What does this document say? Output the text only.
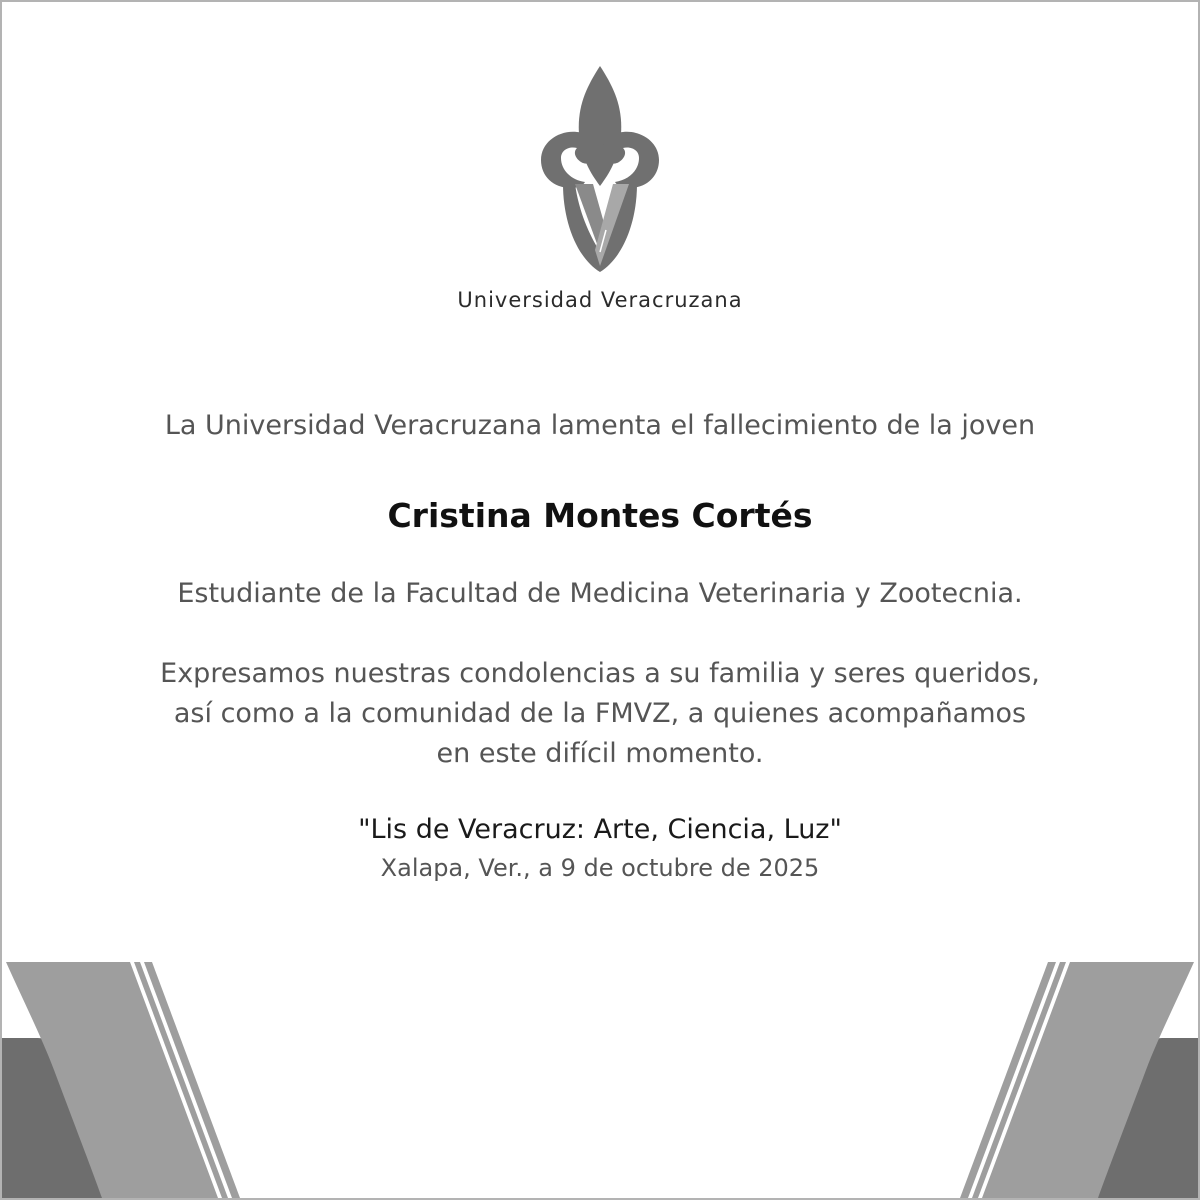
Universidad Veracruzana

La Universidad Veracruzana lamenta el fallecimiento de la joven

Cristina Montes Cortés

Estudiante de la Facultad de Medicina Veterinaria y Zootecnia.

Expresamos nuestras condolencias a su familia y seres queridos,
así como a la comunidad de la FMVZ, a quienes acompañamos
en este difícil momento.

"Lis de Veracruz: Arte, Ciencia, Luz"

Xalapa, Ver., a 9 de octubre de 2025
